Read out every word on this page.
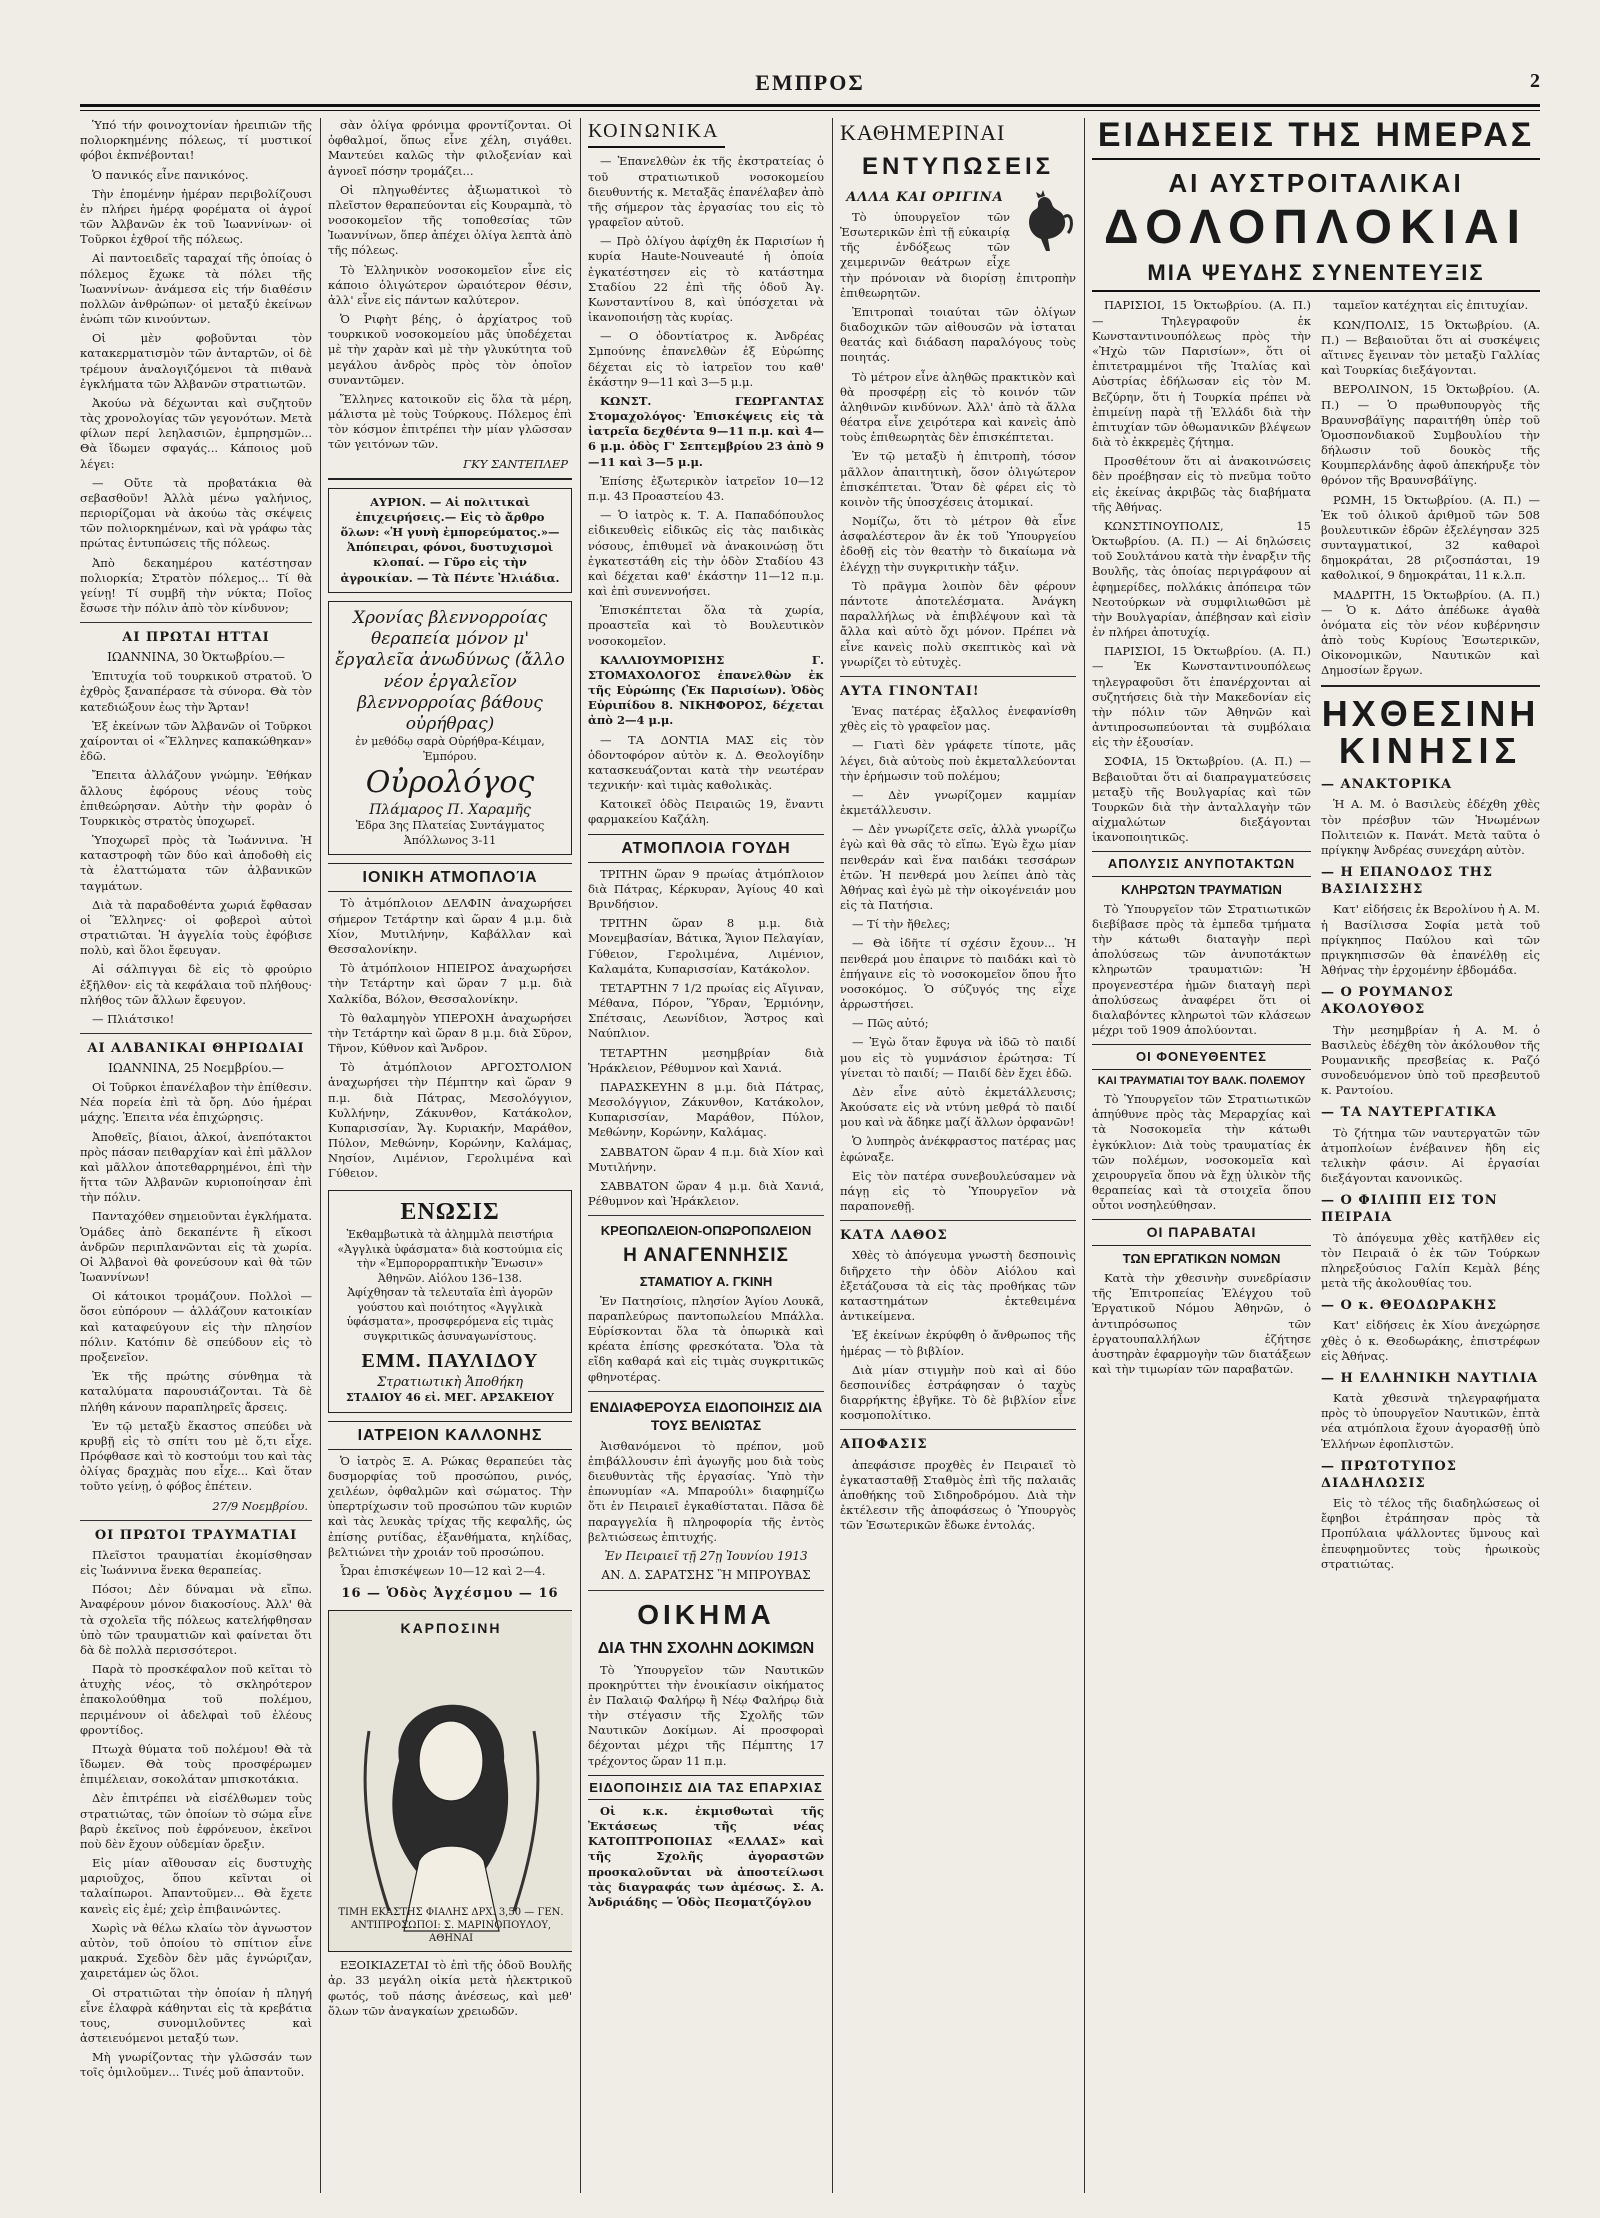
ΕΜΠΡΟΣ	2

Ὑπό τήν φοινοχτονίαν ἡρειπιῶν τῆς πολιορκημένης πόλεως, τί μυστικοί φόβοι ἐκπνέβονται!

Ὁ πανικός εἶνε πανικόνος.

Τὴν ἐπομένην ἡμέραν περιβολίζουσι ἐν πλήρει ἡμέρᾳ φορέματα οἱ ἀγροί τῶν Ἀλβανῶν ἐκ τοῦ Ἰωαννίνων· οἱ Τοῦρκοι ἐχθροί τῆς πόλεως.

Αἱ παντοειδεῖς ταραχαί τῆς ὁποίας ὁ πόλεμος ἔχωκε τὰ πόλει τῆς Ἰωαννίνων· ἀνάμεσα εἰς τήν διαθέσιν πολλῶν ἀνθρώπων· οἱ μεταξύ ἐκείνων ἐνώπι τῶν κινούντων.

Οἱ μὲν φοβοῦνται τὸν κατακερματισμὸν τῶν ἀνταρτῶν, οἱ δὲ τρέμουν ἀναλογιζόμενοι τὰ πιθανὰ ἐγκλήματα τῶν Ἀλβανῶν στρατιωτῶν.

Ἀκούω νὰ δέχωνται καὶ συζητοῦν τὰς χρονολογίας τῶν γεγονότων. Μετὰ φίλων περί λεηλασιῶν, ἐμπρησμῶν... Θὰ ἴδωμεν σφαγάς... Κάποιος μοῦ λέγει:

— Οὔτε τὰ προβατάκια θὰ σεβασθοῦν! Ἀλλὰ μένω γαλήνιος, περιορίζομαι νὰ ἀκούω τὰς σκέψεις τῶν πολιορκημένων, καὶ νὰ γράφω τὰς πρώτας ἐντυπώσεις τῆς πόλεως.

Ἀπὸ δεκαημέρου κατέστησαν πολιορκία; Στρατὸν πόλεμος... Τί θὰ γείνῃ! Τί συμβῆ τὴν νύκτα; Ποῖος ἔσωσε τὴν πόλιν ἀπὸ τὸν κίνδυνον;

ΑΙ ΠΡΩΤΑΙ ΗΤΤΑΙ
ΙΩΑΝΝΙΝΑ, 30 Ὀκτωβρίου.—

Ἐπιτυχία τοῦ τουρκικοῦ στρατοῦ. Ὁ ἐχθρὸς ξαναπέρασε τὰ σύνορα. Θὰ τὸν κατεδιώξουν ἐως τὴν Ἄρταν!

Ἐξ ἐκείνων τῶν Ἀλβανῶν οἱ Τοῦρκοι χαίρονται οἱ «Ἕλληνες καπακώθηκαν» ἐδῶ.

Ἔπειτα ἀλλάζουν γνώμην. Ἐθήκαν ἄλλους ἐφόρους νέους τοὺς ἐπιθεώρησαν. Αὐτὴν τὴν φορὰν ὁ Τουρκικὸς στρατὸς ὑποχωρεῖ.

Ὑποχωρεῖ πρὸς τὰ Ἰωάννινα. Ἡ καταστροφὴ τῶν δύο καὶ ἀποδοθὴ εἰς τὰ ἐλαττώματα τῶν ἀλβανικῶν ταγμάτων.

Διὰ τὰ παραδοθέντα χωριά ἔφθασαν οἱ Ἕλληνες· οἱ φοβεροὶ αὐτοὶ στρατιῶται. Ἡ ἀγγελία τοὺς ἐφόβισε πολὺ, καὶ ὅλοι ἔφευγαν.

Αἱ σάλπιγγαι δὲ εἰς τὸ φρούριο ἐξῆλθον· εἰς τὰ κεφάλαια τοῦ πλήθους· πλήθος τῶν ἄλλων ἔφευγον.

— Πλιάτσικο!

ΑΙ ΑΛΒΑΝΙΚΑΙ ΘΗΡΙΩΔΙΑΙ
ΙΩΑΝΝΙΝΑ, 25 Νοεμβρίου.—

Οἱ Τοῦρκοι ἐπανέλαβον τὴν ἐπίθεσιν. Νέα πορεία ἐπὶ τὰ ὄρη. Δύο ἡμέραι μάχης. Ἐπειτα νέα ἐπιχώρησις.

Ἀποθεῖς, βίαιοι, ἀλκοί, ἀνεπότακτοι πρὸς πάσαν πειθαρχίαν καὶ ἐπὶ μᾶλλον καὶ μᾶλλον ἀποτεθαρρημένοι, ἐπὶ τὴν ἥττα τῶν Ἀλβανῶν κυριοποίησαν ἐπὶ τὴν πόλιν.

Πανταχόθεν σημειοῦνται ἐγκλήματα. Ὁμάδες ἀπὸ δεκαπέντε ἢ εἴκοσι ἀνδρῶν περιπλανῶνται εἰς τὰ χωρία. Οἱ Ἀλβανοὶ θὰ φονεύσουν καὶ θὰ τῶν Ἰωαννίνων!

Οἱ κάτοικοι τρομάζουν. Πολλοὶ — ὅσοι εὐπόρουν — ἀλλάζουν κατοικίαν καὶ καταφεύγουν εἰς τὴν πλησίον πόλιν. Κατόπιν δὲ σπεύδουν εἰς τὸ προξενεῖον.

Ἐκ τῆς πρώτης σύνθημα τὰ καταλύματα παρουσιάζονται. Τὰ δὲ πλήθη κάνουν παραπληρεῖς ἄρσεις.

Ἐν τῷ μεταξὺ ἕκαστος σπεύδει νὰ κρυβῇ εἰς τὸ σπίτι του μὲ ὅ,τι εἶχε. Πρόφθασε καὶ τὸ κοστούμι του καὶ τὰς ὀλίγας δραχμὰς που εἶχε... Καὶ ὅταν τοῦτο γείνῃ, ὁ φόβος ἐπέτειν.

27/9 Νοεμβρίου.
ΟΙ ΠΡΩΤΟΙ ΤΡΑΥΜΑΤΙΑΙ

Πλεῖστοι τραυματίαι ἐκομίσθησαν εἰς Ἰωάννινα ἕνεκα θεραπείας.

Πόσοι; Δὲν δύναμαι νὰ εἴπω. Ἀναφέρουν μόνον διακοσίους. Ἀλλ' θὰ τὰ σχολεῖα τῆς πόλεως κατελήφθησαν ὑπὸ τῶν τραυματιῶν καὶ φαίνεται ὅτι δὰ δὲ πολλὰ περισσότεροι.

Παρὰ τὸ προσκέφαλον ποῦ κεῖται τὸ ἀτυχὴς νέος, τὸ σκληρότερον ἐπακολούθημα τοῦ πολέμου, περιμένουν οἱ ἀδελφαὶ τοῦ ἐλέους φροντίδος.

Πτωχὰ θύματα τοῦ πολέμου! Θὰ τὰ ἴδωμεν. Θὰ τοὺς προσφέρωμεν ἐπιμέλειαν, σοκολάταν μπισκοτάκια.

Δὲν ἐπιτρέπει νὰ εἰσέλθωμεν τοὺς στρατιώτας, τῶν ὁποίων τὸ σώμα εἶνε βαρὺ ἐκεῖνος ποὺ ἐφρόνευον, ἐκεῖνοι ποὺ δὲν ἔχουν οὐδεμίαν ὄρεξιν.

Εἰς μίαν αἴθουσαν εἰς δυστυχὴς μαριοῦχος, ὅπου κεῖνται οἱ ταλαίπωροι. Ἀπαντοῦμεν... Θὰ ἔχετε κανεὶς εἰς ἐμέ; χεὶρ ἐπιβαινώντες.

Χωρὶς νὰ θέλω κλαίω τὸν ἀγνωστον αὐτὸν, τοῦ ὁποίου τὸ σπίτιον εἶνε μακρυά. Σχεδὸν δὲν μᾶς ἐγνώριζαν, χαιρετάμεν ὡς ὅλοι.

Οἱ στρατιῶται τὴν ὁποίαν ἡ πληγή εἶνε ἐλαφρὰ κάθηνται εἰς τὰ κρεβάτια τους, συνομιλοῦντες καὶ ἀστειευόμενοι μεταξύ των.

Μὴ γνωρίζοντας τὴν γλῶσσάν των τοῖς ὁμιλοῦμεν... Τινές μοῦ ἀπαντοῦν.

σὰν ὀλίγα φρόνιμα φροντίζονται. Οἱ ὀφθαλμοί, ὅπως εἶνε χέλη, σιγάθει. Μαντεύει καλῶς τὴν φιλοξενίαν καὶ ἀγνοεῖ πόσην τρομάζει...

Οἱ πληγωθέντες ἀξιωματικοὶ τὸ πλεῖστον θεραπεύονται εἰς Κουραμπὰ, τὸ νοσοκομεῖον τῆς τοποθεσίας τῶν Ἰωαννίνων, ὅπερ ἀπέχει ὀλίγα λεπτὰ ἀπὸ τῆς πόλεως.

Τὸ Ἑλληνικὸν νοσοκομεῖον εἶνε εἰς κάποιο ὀλιγώτερον ὡραιότερον θέσιν, ἀλλ' εἶνε εἰς πάντων καλύτερον.

Ὁ Ριφὴτ βέης, ὁ ἀρχίατρος τοῦ τουρκικοῦ νοσοκομείου μᾶς ὑποδέχεται μὲ τὴν χαρὰν καὶ μὲ τὴν γλυκύτητα τοῦ μεγάλου ἀνδρὸς πρὸς τὸν ὁποῖον συναντῶμεν.

Ἕλληνες κατοικοῦν εἰς ὅλα τὰ μέρη, μάλιστα μὲ τοὺς Τούρκους. Πόλεμος ἐπὶ τὸν κόσμον ἐπιτρέπει τὴν μίαν γλῶσσαν τῶν γειτόνων τῶν.

ΓΚΥ ΣΑΝΤΕΠΛΕΡ
ΑΥΡΙΟΝ. — Αἱ πολιτικαὶ ἐπιχειρήσεις.— Εἰς τὸ ἄρθρο ὅλων: «Ἡ γυνὴ ἐμπορεύματος.»— Ἀπόπειραι, φόνοι, δυστυχισμοὶ κλοπαί. — Γῦρο εἰς τὴν ἀγροικίαν. — Τὰ Πέντε Ἠλιάδια.
Χρονίας βλεννορροίας θεραπεία μόνον μ' ἔργαλεῖα ἀνωδύνως (ἄλλο νέον ἐργαλεῖον βλεννορροίας βάθους οὐρήθρας)
ἐν μεθόδῳ σαρὰ Οὐρήθρα-Κέιμαν, Ἐμπόρου.
Οὐρολόγος
Πλάμαρος Π. Χαραμῆς
Ἐδρα 3ης Πλατείας Συντάγματος Ἀπόλλωνος 3-11
ΙΟΝΙΚΗ ΑΤΜΟΠΛΟΊΑ

Τὸ ἀτμόπλοιον ΔΕΛΦΙΝ ἀναχωρήσει σήμερον Τετάρτην καὶ ὥραν 4 μ.μ. διὰ Χίον, Μυτιλήνην, Καβάλλαν καὶ Θεσσαλονίκην.

Τὸ ἀτμόπλοιον ΗΠΕΙΡΟΣ ἀναχωρήσει τὴν Τετάρτην καὶ ὥραν 7 μ.μ. διὰ Χαλκίδα, Βόλον, Θεσσαλονίκην.

Τὸ θαλαμηγὸν ΥΠΕΡΟΧΗ ἀναχωρήσει τὴν Τετάρτην καὶ ὥραν 8 μ.μ. διὰ Σῦρον, Τῆνον, Κύθνον καὶ Ἄνδρον.

Τὸ ἀτμόπλοιον ΑΡΓΟΣΤΟΛΙΟΝ ἀναχωρήσει τὴν Πέμπτην καὶ ὥραν 9 π.μ. διὰ Πάτρας, Μεσολόγγιον, Κυλλήνην, Ζάκυνθον, Κατάκολον, Κυπαρισσίαν, Ἄγ. Κυριακήν, Μαράθον, Πύλον, Μεθώνην, Κορώνην, Καλάμας, Νησίον, Λιμένιον, Γερολιμένα καὶ Γύθειον.

ΕΝΩΣΙΣ
Ἐκθαμβωτικὰ τὰ ἀλημμλὰ πειστήρια «Ἀγγλικὰ ὑφάσματα» διὰ κοστούμια εἰς τὴν «Ἐμπορορραπτικὴν Ἔνωσιν» Ἀθηνῶν. Αἰόλου 136–138.
Ἀφίχθησαν τὰ τελευταῖα ἐπὶ ἀγορῶν γούστου καὶ ποιότητος «Ἀγγλικὰ ὑφάσματα», προσφερόμενα εἰς τιμὰς συγκριτικῶς ἀσυναγωνίστους.
ΕΜΜ. ΠΑΥΛΙΔΟΥ
Στρατιωτικὴ Ἀποθήκη
ΣΤΑΔΙΟΥ 46 εἰ. ΜΕΓ. ΑΡΣΑΚΕΙΟΥ
ΙΑΤΡΕΙΟΝ ΚΑΛΛΟΝΗΣ

Ὁ ἰατρὸς Ξ. Α. Ρώκας θεραπεύει τὰς δυσμορφίας τοῦ προσώπου, ρινός, χειλέων, ὀφθαλμῶν καὶ σώματος. Τὴν ὑπερτρίχωσιν τοῦ προσώπου τῶν κυριῶν καὶ τὰς λευκὰς τρίχας τῆς κεφαλῆς, ὡς ἐπίσης ρυτίδας, ἐξανθήματα, κηλίδας, βελτιώνει τὴν χροιάν τοῦ προσώπου.

Ὧραι ἐπισκέψεων 10—12 καὶ 2—4.

16 — Ὁδὸς Ἀγχέσμου — 16
ΚΑΡΠΟΣΙΝΗ
ΤΙΜΗ ΕΚΑΣΤΗΣ ΦΙΑΛΗΣ ΔΡΧ. 3,50 — ΓΕΝ. ΑΝΤΙΠΡΟΣΩΠΟΙ: Σ. ΜΑΡΙΝΟΠΟΥΛΟΥ, ΑΘΗΝΑΙ

ΕΞΟΙΚΙΑΖΕΤΑΙ τὸ ἐπὶ τῆς ὁδοῦ Βουλῆς ἀρ. 33 μεγάλη οἰκία μετὰ ἠλεκτρικοῦ φωτός, τοῦ πάσης ἀνέσεως, καὶ μεθ' ὅλων τῶν ἀναγκαίων χρειωδῶν.

ΚΟΙΝΩΝΙΚΑ

— Ἐπανελθὼν ἐκ τῆς ἐκστρατείας ὁ τοῦ στρατιωτικοῦ νοσοκομείου διευθυντής κ. Μεταξᾶς ἐπανέλαβεν ἀπὸ τῆς σήμερον τὰς ἐργασίας του εἰς τὸ γραφεῖον αὐτοῦ.

— Πρὸ ὀλίγου ἀφίχθη ἐκ Παρισίων ἡ κυρία Haute-Nouveauté ἡ ὁποία ἐγκατέστησεν εἰς τὸ κατάστημα Σταδίου 22 ἐπὶ τῆς ὁδοῦ Ἀγ. Κωνσταντίνου 8, καὶ ὑπόσχεται νὰ ἰκανοποιήσῃ τὰς κυρίας.

— Ο ὀδοντίατρος κ. Ἀνδρέας Σμπούνης ἐπανελθὼν ἐξ Εὐρώπης δέχεται εἰς τὸ ἰατρεῖον του καθ' ἑκάστην 9—11 καὶ 3—5 μ.μ.

ΚΩΝΣΤ. ΓΕΩΡΓΑΝΤΑΣ Στομαχολόγος· Ἐπισκέψεις εἰς τὰ ἰατρεῖα δεχθέντα 9—11 π.μ. καὶ 4—6 μ.μ. ὁδὸς Γ' Σεπτεμβρίου 23 ἀπὸ 9—11 καὶ 3—5 μ.μ.

Ἐπίσης ἐξωτερικὸν ἰατρεῖον 10—12 π.μ. 43 Προαστείου 43.

— Ὁ ἰατρὸς κ. Τ. Α. Παπαδόπουλος εἰδικευθεὶς εἰδικῶς εἰς τὰς παιδικὰς νόσους, ἐπιθυμεῖ νὰ ἀνακοινώσῃ ὅτι ἐγκατεστάθη εἰς τὴν ὁδὸν Σταδίου 43 καὶ δέχεται καθ' ἑκάστην 11—12 π.μ. καὶ ἐπὶ συνεννοήσει.

Ἐπισκέπτεται ὅλα τὰ χωρία, προαστεῖα καὶ τὸ Βουλευτικὸν νοσοκομεῖον.

ΚΑΛΛΙΟΥΜΟΡΙΣΗΣ Γ. ΣΤΟΜΑΧΟΛΟΓΟΣ ἐπανελθὼν ἐκ τῆς Εὐρώπης (Ἐκ Παρισίων). Ὀδὸς Εὐριπίδου 8. ΝΙΚΗΦΟΡΟΣ, δέχεται ἀπὸ 2—4 μ.μ.

— ΤΑ ΔΟΝΤΙΑ ΜΑΣ εἰς τὸν ὀδοντοφόρον αὐτὸν κ. Δ. Θεολογίδην κατασκευάζονται κατὰ τὴν νεωτέραν τεχνικήν· καὶ τιμὰς καθολικὰς.

Κατοικεῖ ὁδὸς Πειραιῶς 19, ἔναντι φαρμακείου Καζάλη.

ΑΤΜΟΠΛΟΙΑ ΓΟΥΔΗ

ΤΡΙΤΗΝ ὥραν 9 πρωίας ἀτμόπλοιον διὰ Πάτρας, Κέρκυραν, Ἀγίους 40 καὶ Βρινδήσιον.

ΤΡΙΤΗΝ ὥραν 8 μ.μ. διὰ Μονεμβασίαν, Βάτικα, Ἅγιον Πελαγίαν, Γύθειον, Γερολιμένα, Λιμένιον, Καλαμάτα, Κυπαρισσίαν, Κατάκολον.

ΤΕΤΑΡΤΗΝ 7 1/2 πρωίας εἰς Αἴγιναν, Μέθανα, Πόρον, Ὕδραν, Ἑρμιόνην, Σπέτσαις, Λεωνίδιον, Ἄστρος καὶ Ναύπλιον.

ΤΕΤΑΡΤΗΝ μεσημβρίαν διὰ Ἡράκλειον, Ρέθυμνον καὶ Χανιά.

ΠΑΡΑΣΚΕΥΗΝ 8 μ.μ. διὰ Πάτρας, Μεσολόγγιον, Ζάκυνθον, Κατάκολον, Κυπαρισσίαν, Μαράθον, Πύλον, Μεθώνην, Κορώνην, Καλάμας.

ΣΑΒΒΑΤΟΝ ὥραν 4 π.μ. διὰ Χίον καὶ Μυτιλήνην.

ΣΑΒΒΑΤΟΝ ὥραν 4 μ.μ. διὰ Χανιά, Ρέθυμνον καὶ Ἡράκλειον.

ΚΡΕΟΠΩΛΕΙΟΝ-ΟΠΩΡΟΠΩΛΕΙΟΝ
Η ΑΝΑΓΕΝΝΗΣΙΣ
ΣΤΑΜΑΤΙΟΥ Α. ΓΚΙΝΗ

Ἐν Πατησίοις, πλησίον Ἁγίου Λουκᾶ, παραπλεύρως παντοπωλείου Μπάλλα. Εὑρίσκονται ὅλα τὰ ὀπωρικὰ καὶ κρέατα ἐπίσης φρεσκότατα. Ὅλα τὰ εἴδη καθαρά καὶ εἰς τιμὰς συγκριτικῶς φθηνοτέρας.

ΕΝΔΙΑΦΕΡΟΥΣΑ ΕΙΔΟΠΟΙΗΣΙΣ ΔΙΑ ΤΟΥΣ ΒΕΛΙΩΤΑΣ

Ἀισθανόμενοι τὸ πρέπον, μοῦ ἐπιβάλλουσιν ἐπὶ ἀγωγῆς μου διὰ τοὺς διευθυντὰς τῆς ἐργασίας. Ὑπὸ τὴν ἐπωνυμίαν «Α. Μπαρούλι» διαφημίζω ὅτι ἐν Πειραιεῖ ἐγκαθίσταται. Πᾶσα δὲ παραγγελία ἢ πληροφορία τῆς ἐντὸς βελτιώσεως ἐπιτυχής.

Ἐν Πειραιεῖ τῇ 27ῃ Ἰουνίου 1913
ΑΝ. Δ. ΣΑΡΑΤΣΗΣ Ἢ ΜΠΡΟΥΒΑΣ
ΟΙΚΗΜΑ
ΔΙΑ ΤΗΝ ΣΧΟΛΗΝ ΔΟΚΙΜΩΝ

Τὸ Ὑπουργεῖον τῶν Ναυτικῶν προκηρύττει τὴν ἐνοικίασιν οἰκήματος ἐν Παλαιῷ Φαλήρῳ ἢ Νέῳ Φαλήρῳ διὰ τὴν στέγασιν τῆς Σχολῆς τῶν Ναυτικῶν Δοκίμων. Αἱ προσφοραὶ δέχονται μέχρι τῆς Πέμπτης 17 τρέχοντος ὥραν 11 π.μ.

ΕΙΔΟΠΟΙΗΣΙΣ ΔΙΑ ΤΑΣ ΕΠΑΡΧΙΑΣ

Οἱ κ.κ. ἐκμισθωταὶ τῆς Ἐκτάσεως τῆς νέας ΚΑΤΟΠΤΡΟΠΟΙΙΑΣ «ΕΛΛΑΣ» καὶ τῆς Σχολῆς ἀγοραστῶν προσκαλοῦνται νὰ ἀποστείλωσι τὰς διαγραφάς των ἀμέσως. Σ. Α. Ἀνδριάδης — Ὁδὸς Πεσματζόγλου

ΚΑΘΗΜΕΡΙΝΑΙ
ΕΝΤΥΠΩΣΕΙΣ
ΑΛΛΑ ΚΑΙ ΟΡΙΓΙΝΑ

Τὸ ὑπουργεῖον τῶν Ἐσωτερικῶν ἐπὶ τῇ εὐκαιρίᾳ τῆς ἐνδόξεως τῶν χειμερινῶν θεάτρων εἶχε τὴν πρόνοιαν νὰ διορίσῃ ἐπιτροπὴν ἐπιθεωρητῶν.

Ἐπιτροπαὶ τοιαύται τῶν ὀλίγων διαδοχικῶν τῶν αἰθουσῶν νὰ ἰσταται θεατάς καὶ διάδαση παραλόγους τοὺς ποιητάς.

Τὸ μέτρον εἶνε ἀληθῶς πρακτικὸν καὶ θὰ προσφέρῃ εἰς τὸ κοινόν τῶν ἀληθινῶν κινδύνων. Ἀλλ' ἀπὸ τὰ ἄλλα θέατρα εἶνε χειρότερα καὶ κανεὶς ἀπὸ τοὺς ἐπιθεωρητὰς δὲν ἐπισκέπτεται.

Ἐν τῷ μεταξὺ ἡ ἐπιτροπὴ, τόσον μᾶλλον ἀπαιτητικὴ, ὅσον ὁλιγώτερον ἐπισκέπτεται. Ὅταν δὲ φέρει εἰς τὸ κοινὸν τῆς ὑποσχέσεις ἀτομικαί.

Νομίζω, ὅτι τὸ μέτρον θὰ εἶνε ἀσφαλέστερον ἂν ἐκ τοῦ Ὑπουργείου ἐδοθῇ εἰς τὸν θεατὴν τὸ δικαίωμα νὰ ἐλέγχῃ τὴν συγκριτικὴν τάξιν.

Τὸ πρᾶγμα λοιπὸν δὲν φέρουν πάντοτε ἀποτελέσματα. Ἀνάγκη παραλλήλως νὰ ἐπιβλέψουν καὶ τὰ ἄλλα καὶ αὐτὸ ὄχι μόνον. Πρέπει νὰ εἶνε κανεὶς πολὺ σκεπτικὸς καὶ νὰ γνωρίζει τὸ εὐτυχὲς.

ΑΥΤΑ ΓΙΝΟΝΤΑΙ!

Ἐνας πατέρας ἐξαλλος ἐνεφανίσθη χθὲς εἰς τὸ γραφεῖον μας.

— Γιατὶ δὲν γράφετε τίποτε, μᾶς λέγει, διὰ αὐτοὺς ποὺ ἐκμεταλλεύονται τὴν ἐρήμωσιν τοῦ πολέμου;

— Δὲν γνωρίζομεν καμμίαν ἐκμετάλλευσιν.

— Δὲν γνωρίζετε σεῖς, ἀλλὰ γνωρίζω ἐγὼ καὶ θὰ σᾶς τὸ εἴπω. Ἐγὼ ἔχω μίαν πενθεράν καὶ ἕνα παιδάκι τεσσάρων ἐτῶν. Ἡ πενθερά μου λείπει ἀπὸ τὰς Ἀθήνας καὶ ἐγὼ μὲ τὴν οἰκογένειάν μου εἰς τὰ Πατήσια.

— Τί τὴν ἤθελες;

— Θὰ ἰδῆτε τί σχέσιν ἔχουν... Ἡ πενθερά μου ἐπαιρνε τὸ παιδάκι καὶ τὸ ἐπήγαινε εἰς τὸ νοσοκομεῖον ὅπου ἦτο νοσοκόμος. Ὁ σύζυγός της εἶχε ἀρρωστήσει.

— Πῶς αὐτό;

— Ἐγὼ ὅταν ἔφυγα νὰ ἰδῶ τὸ παιδί μου εἰς τὸ γυμνάσιον ἐρώτησα: Τί γίνεται τὸ παιδί; — Παιδί δὲν ἔχει ἐδῶ.

Δὲν εἶνε αὐτὸ ἐκμετάλλευσις; Ἀκούσατε εἰς νὰ ντύνη μεθρά τὸ παιδί μου καὶ νὰ ἄδηκε μαζί ἄλλων ὀρφανῶν!

Ὁ λυπηρὸς ἀνέκφραστος πατέρας μας ἐφώναξε.

Εἰς τὸν πατέρα συνεβουλεύσαμεν νὰ πάγῃ εἰς τὸ Ὑπουργεῖον νὰ παραπονεθῇ.

ΚΑΤΑ ΛΑΘΟΣ

Χθὲς τὸ ἀπόγευμα γνωστὴ δεσποινὶς διῆρχετο τὴν ὁδὸν Αἰόλου καὶ ἐξετάζουσα τὰ εἰς τὰς προθήκας τῶν καταστημάτων ἐκτεθειμένα ἀντικείμενα.

Ἐξ ἐκείνων ἐκρύφθη ὁ ἄνθρωπος τῆς ἡμέρας — τὸ βιβλίον.

Διὰ μίαν στιγμὴν ποὺ καὶ αἱ δύο δεσποινίδες ἐστράφησαν ὁ ταχὺς διαρρήκτης ἐβγῆκε. Τὸ δὲ βιβλίον εἶνε κοσμοπολίτικο.

ΑΠΟΦΑΣΙΣ

ἀπεφάσισε προχθὲς ἐν Πειραιεῖ τὸ ἐγκατασταθῇ Σταθμὸς ἐπὶ τῆς παλαιᾶς ἀποθήκης τοῦ Σιδηροδρόμου. Διὰ τὴν ἐκτέλεσιν τῆς ἀποφάσεως ὁ Ὑπουργὸς τῶν Ἐσωτερικῶν ἔδωκε ἐντολάς.

ΕΙΔΗΣΕΙΣ ΤΗΣ ΗΜΕΡΑΣ
ΑΙ ΑΥΣΤΡΟΙΤΑΛΙΚΑΙ
ΔΟΛΟΠΛΟΚΙΑΙ
ΜΙΑ ΨΕΥΔΗΣ ΣΥΝΕΝΤΕΥΞΙΣ

ΠΑΡΙΣΙΟΙ, 15 Ὀκτωβρίου. (Α. Π.) — Τηλεγραφοῦν ἐκ Κωνσταντινουπόλεως πρὸς τὴν «Ἠχὼ τῶν Παρισίων», ὅτι οἱ ἐπιτετραμμένοι τῆς Ἰταλίας καὶ Αὐστρίας ἐδήλωσαν εἰς τὸν Μ. Βεζύρην, ὅτι ἡ Τουρκία πρέπει νὰ ἐπιμείνῃ παρὰ τῇ Ἑλλάδι διὰ τὴν ἐπιτυχίαν τῶν ὀθωμανικῶν βλέψεων διὰ τὸ ἐκκρεμὲς ζήτημα.

Προσθέτουν ὅτι αἱ ἀνακοινώσεις δὲν προέβησαν εἰς τὸ πνεῦμα τοῦτο εἰς ἐκείνας ἀκριβῶς τὰς διαβήματα τῆς Ἀθήνας.

ΚΩΝΣΤΙΝΟΥΠΟΛΙΣ, 15 Ὀκτωβρίου. (Α. Π.) — Αἱ δηλώσεις τοῦ Σουλτάνου κατὰ τὴν ἐναρξιν τῆς Βουλῆς, τὰς ὁποίας περιγράφουν αἱ ἐφημερίδες, πολλάκις ἀπόπειρα τῶν Νεοτούρκων νὰ συμφιλιωθῶσι μὲ τὴν Βουλγαρίαν, ἀπέβησαν καὶ εἰσὶν ἐν πλήρει ἀποτυχίᾳ.

ΠΑΡΙΣΙΟΙ, 15 Ὀκτωβρίου. (Α. Π.) — Ἐκ Κωνσταντινουπόλεως τηλεγραφοῦσι ὅτι ἐπανέρχονται αἱ συζητήσεις διὰ τὴν Μακεδονίαν εἰς τὴν πόλιν τῶν Ἀθηνῶν καὶ ἀντιπροσωπεύονται τὰ συμβόλαια εἰς τὴν ἐξουσίαν.

ΣΟΦΙΑ, 15 Ὀκτωβρίου. (Α. Π.) — Βεβαιοῦται ὅτι αἱ διαπραγματεύσεις μεταξὺ τῆς Βουλγαρίας καὶ τῶν Τουρκῶν διὰ τὴν ἀνταλλαγὴν τῶν αἰχμαλώτων διεξάγονται ἰκανοποιητικῶς.

ΑΠΟΛΥΣΙΣ ΑΝΥΠΟΤΑΚΤΩΝ
ΚΛΗΡΩΤΩΝ ΤΡΑΥΜΑΤΙΩΝ

Τὸ Ὑπουργεῖον τῶν Στρατιωτικῶν διεβίβασε πρὸς τὰ ἐμπεδα τμήματα τὴν κάτωθι διαταγὴν περὶ ἀπολύσεως τῶν ἀνυποτάκτων κληρωτῶν τραυματιῶν: Ἡ προγενεστέρα ἡμῶν διαταγὴ περὶ ἀπολύσεως ἀναφέρει ὅτι οἱ διαλαβόντες κληρωτοὶ τῶν κλάσεων μέχρι τοῦ 1909 ἀπολύονται.

ΟΙ ΦΟΝΕΥΘΕΝΤΕΣ
ΚΑΙ ΤΡΑΥΜΑΤΙΑΙ ΤΟΥ ΒΑΛΚ. ΠΟΛΕΜΟΥ

Τὸ Ὑπουργεῖον τῶν Στρατιωτικῶν ἀπηύθυνε πρὸς τὰς Μεραρχίας καὶ τὰ Νοσοκομεῖα τὴν κάτωθι ἐγκύκλιον: Διὰ τοὺς τραυματίας ἐκ τῶν πολέμων, νοσοκομεῖα καὶ χειρουργεῖα ὅπου νὰ ἔχῃ ὑλικὸν τῆς θεραπείας καὶ τὰ στοιχεῖα ὅπου οὗτοι νοσηλεύθησαν.

ΟΙ ΠΑΡΑΒΑΤΑΙ
ΤΩΝ ΕΡΓΑΤΙΚΩΝ ΝΟΜΩΝ

Κατὰ τὴν χθεσινὴν συνεδρίασιν τῆς Ἐπιτροπείας Ἐλέγχου τοῦ Ἐργατικοῦ Νόμου Ἀθηνῶν, ὁ ἀντιπρόσωπος τῶν ἐργατουπαλλήλων ἐζήτησε ἀυστηρὰν ἐφαρμογὴν τῶν διατάξεων καὶ τὴν τιμωρίαν τῶν παραβατῶν.

ταμεῖον κατέχηται εἰς ἐπιτυχίαν.

ΚΩΝ/ΠΟΛΙΣ, 15 Ὀκτωβρίου. (Α. Π.) — Βεβαιοῦται ὅτι αἱ συσκέψεις αἵτινες ἔγειναν τὸν μεταξὺ Γαλλίας καὶ Τουρκίας διεξάγονται.

ΒΕΡΟΛΙΝΟΝ, 15 Ὀκτωβρίου. (Α. Π.) — Ὁ πρωθυπουργὸς τῆς Βραυνσβάϊγης παραιτήθη ὑπὲρ τοῦ Ὁμοσπονδιακοῦ Συμβουλίου τὴν δήλωσιν τοῦ δουκὸς τῆς Κουμπερλάνδης ἀφοῦ ἀπεκήρυξε τὸν θρόνον τῆς Βραυνσβάϊγης.

ΡΩΜΗ, 15 Ὀκτωβρίου. (Α. Π.) — Ἐκ τοῦ ὁλικοῦ ἀριθμοῦ τῶν 508 βουλευτικῶν ἐδρῶν ἐξελέγησαν 325 συνταγματικοί, 32 καθαροὶ δημοκράται, 28 ριζοσπάσται, 19 καθολικοί, 9 δημοκράται, 11 κ.λ.π.

ΜΑΔΡΙΤΗ, 15 Ὀκτωβρίου. (Α. Π.) — Ὁ κ. Δάτο ἀπέδωκε ἀγαθὰ ὀνόματα εἰς τὸν νέον κυβέρνησιν ἀπὸ τοὺς Κυρίους Ἐσωτερικῶν, Οἰκονομικῶν, Ναυτικῶν καὶ Δημοσίων ἔργων.

ΗΧΘΕΣΙΝΗ
ΚΙΝΗΣΙΣ
— ΑΝΑΚΤΟΡΙΚΑ

Ἡ Α. Μ. ὁ Βασιλεὺς ἐδέχθη χθὲς τὸν πρέσβυν τῶν Ἡνωμένων Πολιτειῶν κ. Πανάτ. Μετὰ ταῦτα ὁ πρίγκηψ Ἀνδρέας συνεχάρη αὐτὸν.

— Η ΕΠΑΝΟΔΟΣ ΤΗΣ ΒΑΣΙΛΙΣΣΗΣ

Κατ' εἰδήσεις ἐκ Βερολίνου ἡ Α. Μ. ἡ Βασίλισσα Σοφία μετὰ τοῦ πρίγκηπος Παύλου καὶ τῶν πριγκηπισσῶν θὰ ἐπανέλθῃ εἰς Ἀθήνας τὴν ἐρχομένην ἑβδομάδα.

— Ο ΡΟΥΜΑΝΟΣ ΑΚΟΛΟΥΘΟΣ

Τὴν μεσημβρίαν ἡ Α. Μ. ὁ Βασιλεὺς ἐδέχθη τὸν ἀκόλουθον τῆς Ρουμανικῆς πρεσβείας κ. Ραζό συνοδευόμενον ὑπὸ τοῦ πρεσβευτοῦ κ. Ραντοίου.

— ΤΑ ΝΑΥΤΕΡΓΑΤΙΚΑ

Τὸ ζήτημα τῶν ναυτεργατῶν τῶν ἀτμοπλοίων ἐνέβαινεν ἤδη εἰς τελικὴν φάσιν. Αἱ ἐργασίαι διεξάγονται κανονικῶς.

— Ο ΦΙΛΙΠΠ ΕΙΣ ΤΟΝ ΠΕΙΡΑΙΑ

Τὸ ἀπόγευμα χθὲς κατῆλθεν εἰς τὸν Πειραιᾶ ὁ ἐκ τῶν Τούρκων πληρεξούσιος Γαλίπ Κεμὰλ βέης μετὰ τῆς ἀκολουθίας του.

— Ο κ. ΘΕΟΔΩΡΑΚΗΣ

Κατ' εἰδήσεις ἐκ Χίου ἀνεχώρησε χθὲς ὁ κ. Θεοδωράκης, ἐπιστρέφων εἰς Ἀθήνας.

— Η ΕΛΛΗΝΙΚΗ ΝΑΥΤΙΛΙΑ

Κατὰ χθεσινὰ τηλεγραφήματα πρὸς τὸ ὑπουργεῖον Ναυτικῶν, ἐπτὰ νέα ατμόπλοια ἔχουν ἀγορασθῇ ὑπὸ Ἑλλήνων ἐφοπλιστῶν.

— ΠΡΩΤΟΤΥΠΟΣ ΔΙΑΔΗΛΩΣΙΣ

Εἰς τὸ τέλος τῆς διαδηλώσεως οἱ ἔφηβοι ἐτράπησαν πρὸς τὰ Προπύλαια ψάλλοντες ὕμνους καὶ ἐπευφημοῦντες τοὺς ἡρωικοὺς στρατιώτας.
